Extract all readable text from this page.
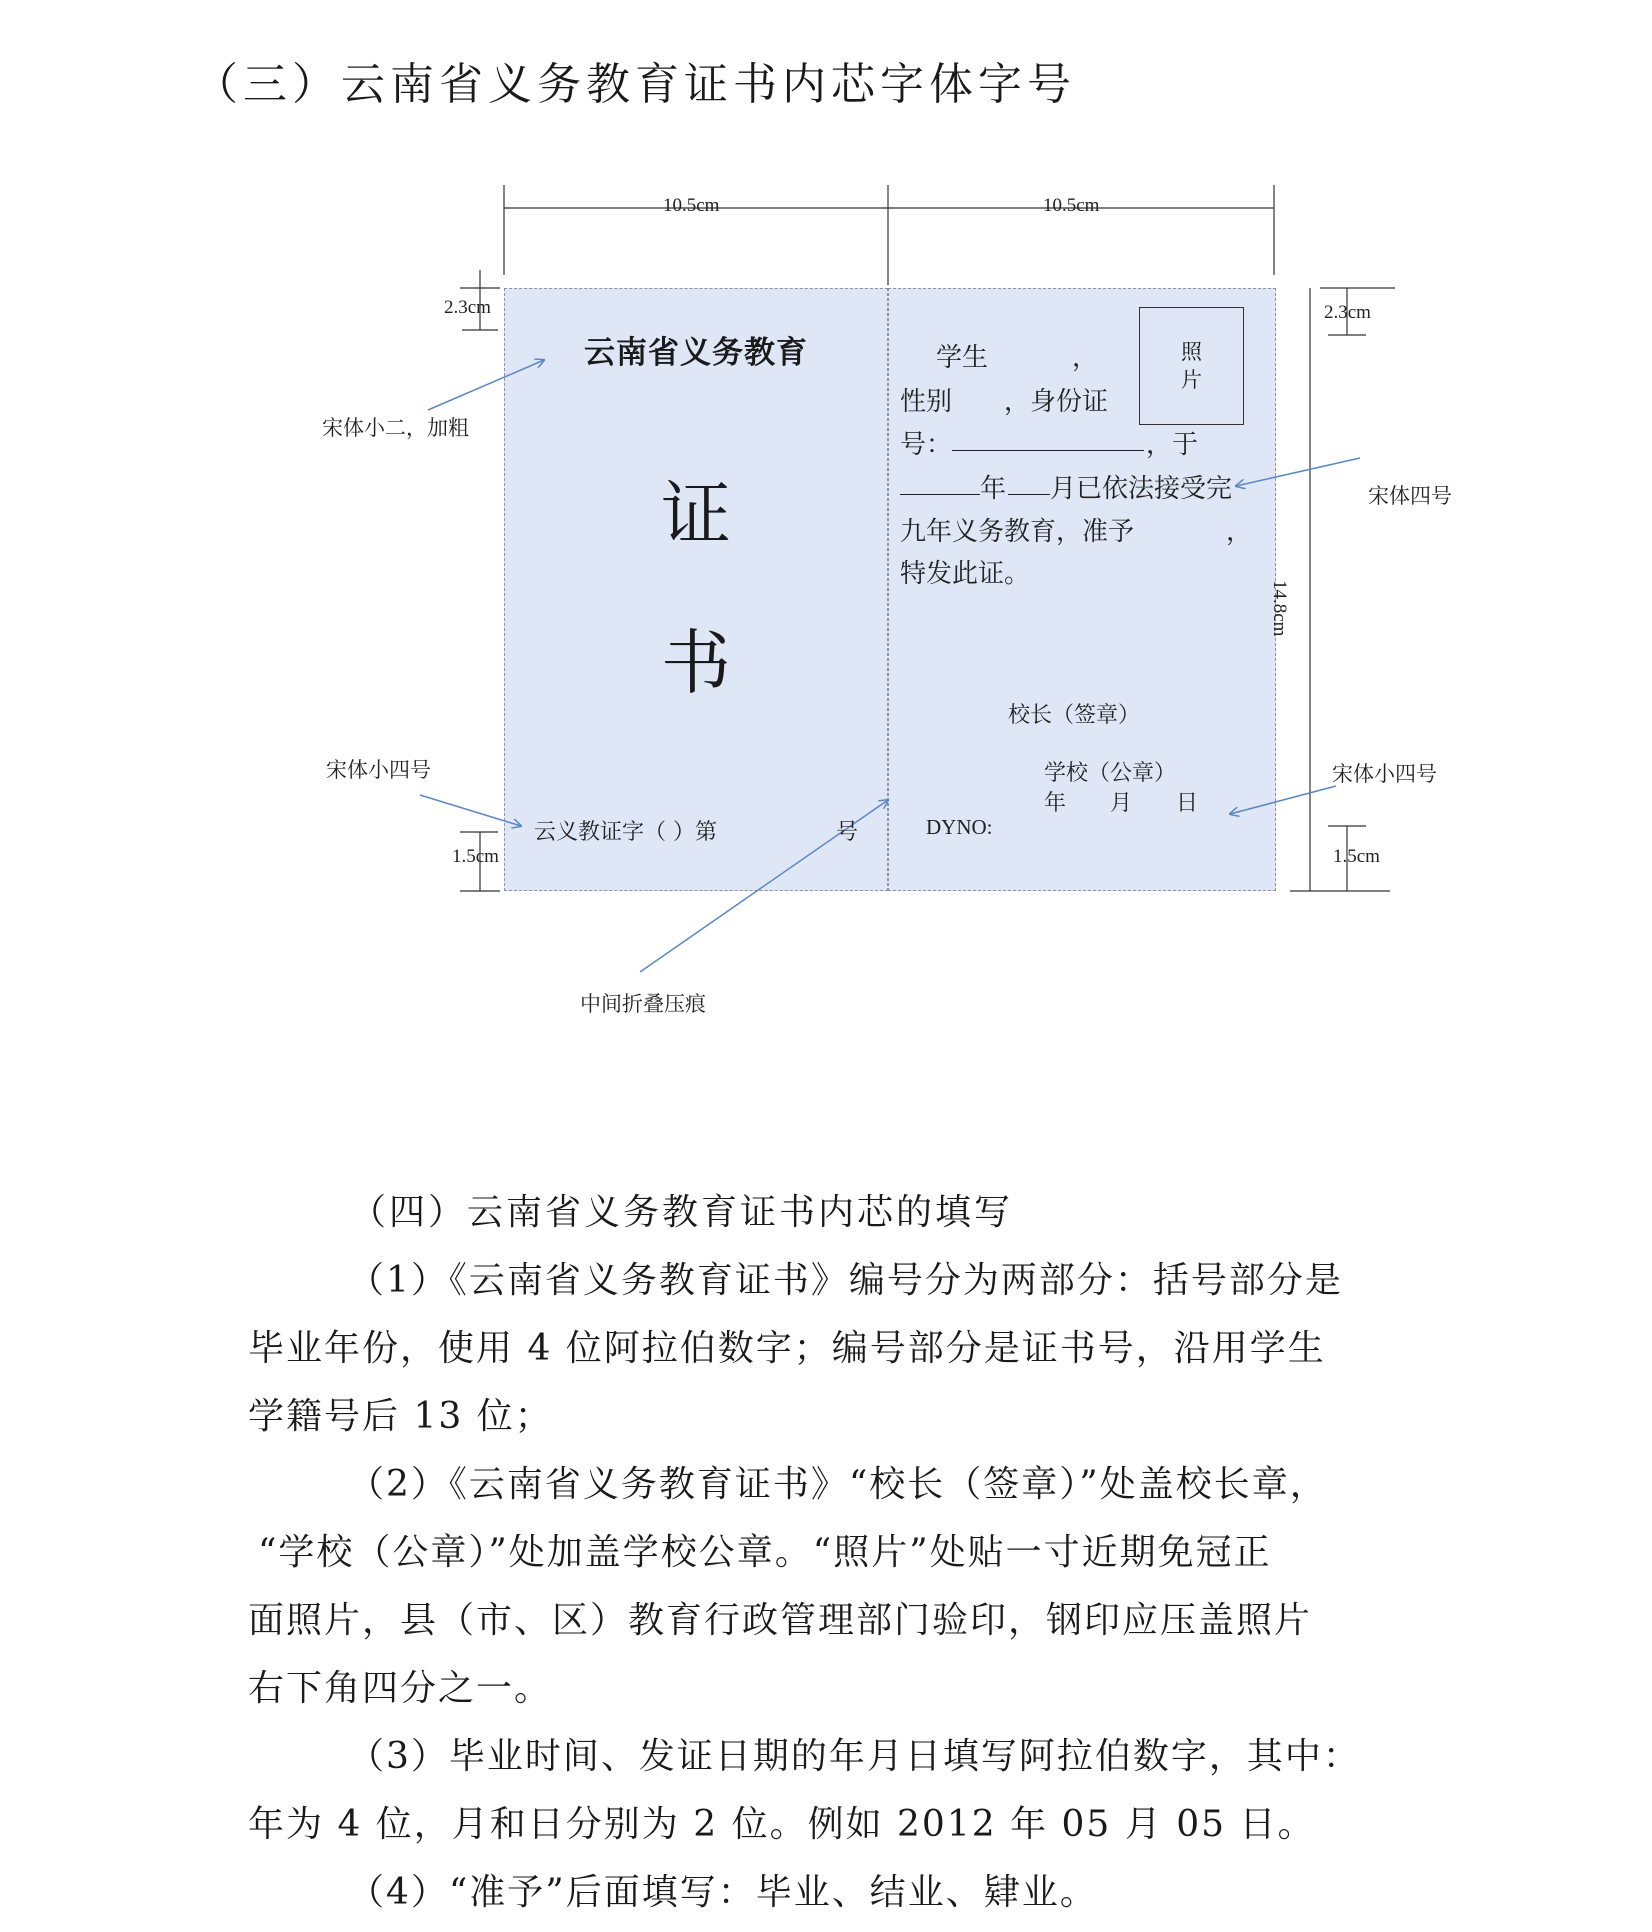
（三）云南省义务教育证书内芯字体字号
10.5cm	10.5cm
2.3cm	2.3cm
14.8cm
1.5cm	1.5cm
宋体小二，加粗
宋体四号
宋体小四号	宋体小四号
中间折叠压痕
云南省义务教育
证
书
云义教证字（ ）第	号
照
片
学生	，
性别　　，身份证
号：	，于
年 月已依法接受完
九年义务教育，准予	，
特发此证。
校长（签章）
学校（公章）
年　　月　　日
DYNO:
（四）云南省义务教育证书内芯的填写
（1）《云南省义务教育证书》编号分为两部分：括号部分是
毕业年份，使用 4 位阿拉伯数字；编号部分是证书号，沿用学生
学籍号后 13 位；
（2）《云南省义务教育证书》“校长（签章）”处盖校长章，
“学校（公章）”处加盖学校公章。“照片”处贴一寸近期免冠正
面照片，县（市、区）教育行政管理部门验印，钢印应压盖照片
右下角四分之一。
（3）毕业时间、发证日期的年月日填写阿拉伯数字，其中：
年为 4 位，月和日分别为 2 位。例如 2012 年 05 月 05 日。
（4）“准予”后面填写：毕业、结业、肄业。
